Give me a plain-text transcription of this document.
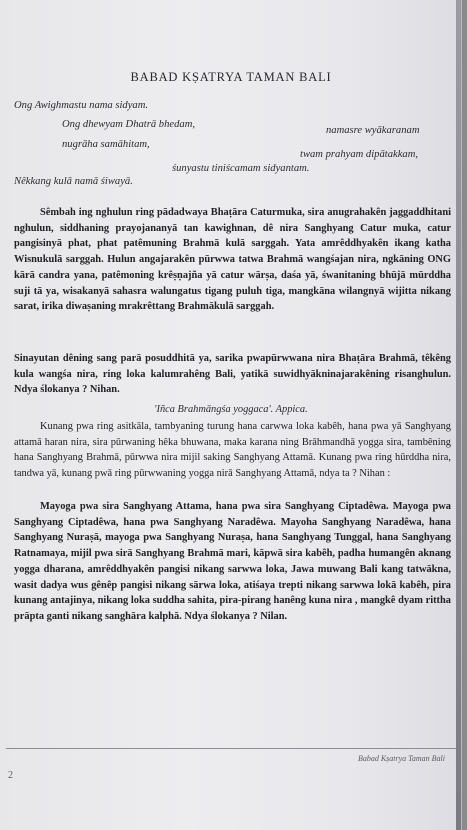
BABAD KṢATRYA TAMAN BALI
Ong Awighmastu nama sidyam.
Ong dhewyam Dhatrā bhedam,
namasre wyākaranam
nugrāha samāhitam,
twam prahyam dipātakkam,
śunyastu tiniścamam sidyantam.
Nêkkang kulā namā śiwayā.

Sêmbah ing nghulun ring pādadwaya Bhaṭāra Caturmuka, sira anugrahakên jaggaddhitani nghulun, siddhaning prayojananyā tan kawighnan, dê nira Sanghyang Catur muka, catur pangisinyā phat, phat patêmuning Brahmā kulā sarggah. Yata amrêddhyakên ikang katha Wisnukulā sarggah. Hulun angajarakên pūrwwa tatwa Brahmā wangśajan nira, ngkāning ONG kārā candra yana, patêmoning krêṣṇajña yā catur wārṣa, daśa yā, śwanitaning bhūjā mūrddha suji tā ya, wisakanyā sahasra walungatus tigang puluh tiga, mangkāna wilangnyā wijitta nikang sarat, irika diwaṣaning mrakrêttang Brahmākulā sarggah.

Sinayutan dêning sang parā posuddhitā ya, sarika pwapūrwwana nira Bhaṭāra Brahmā, têkêng kula wangśa nira, ring loka kalumrahêng Bali, yatikā suwidhyākninajarakêning risanghulun. Ndya ślokanya ? Nihan.

'Iñca Brahmāngśa yoggaca'. Appica.

Kunang pwa ring asitkāla, tambyaning turung hana carwwa loka kabêh, hana pwa yā Sanghyang attamā haran nira, sira pūrwaning hêka bhuwana, maka karana ning Brāhmandhā yogga sira, tambêning hana Sanghyang Brahmā, pūrwwa nira mijil saking Sanghyang Attamā. Kunang pwa ring hūrddha nira, tandwa yā, kunang pwā ring pūrwwaning yogga nirā Sanghyang Attamā, ndya ta ? Nihan :

Mayoga pwa sira Sanghyang Attama, hana pwa sira Sanghyang Ciptadêwa. Mayoga pwa Sanghyang Ciptadêwa, hana pwa Sanghyang Naradêwa. Mayoha Sanghyang Naradêwa, hana Sanghyang Nuraṣā, mayoga pwa Sanghyang Nuraṣa, hana Sanghyang Tunggal, hana Sanghyang Ratnamaya, mijil pwa sirā Sanghyang Brahmā mari, kāpwā sira kabêh, padha humangên aknang yogga dharana, amrêddhyakên pangisi nikang sarwwa loka, Jawa muwang Bali kang tatwākna, wasit dadya wus gênêp pangisi nikang sārwa loka, atiśaya trepti nikang sarwwa lokā kabêh, pira kunang antajinya, nikang loka suddha sahita, pira-pirang hanêng kuna nira , mangkê dyam rittha prāpta ganti nikang sanghāra kalphā. Ndya ślokanya ? Nilan.

Babad Kṣatrya Taman Bali
2
